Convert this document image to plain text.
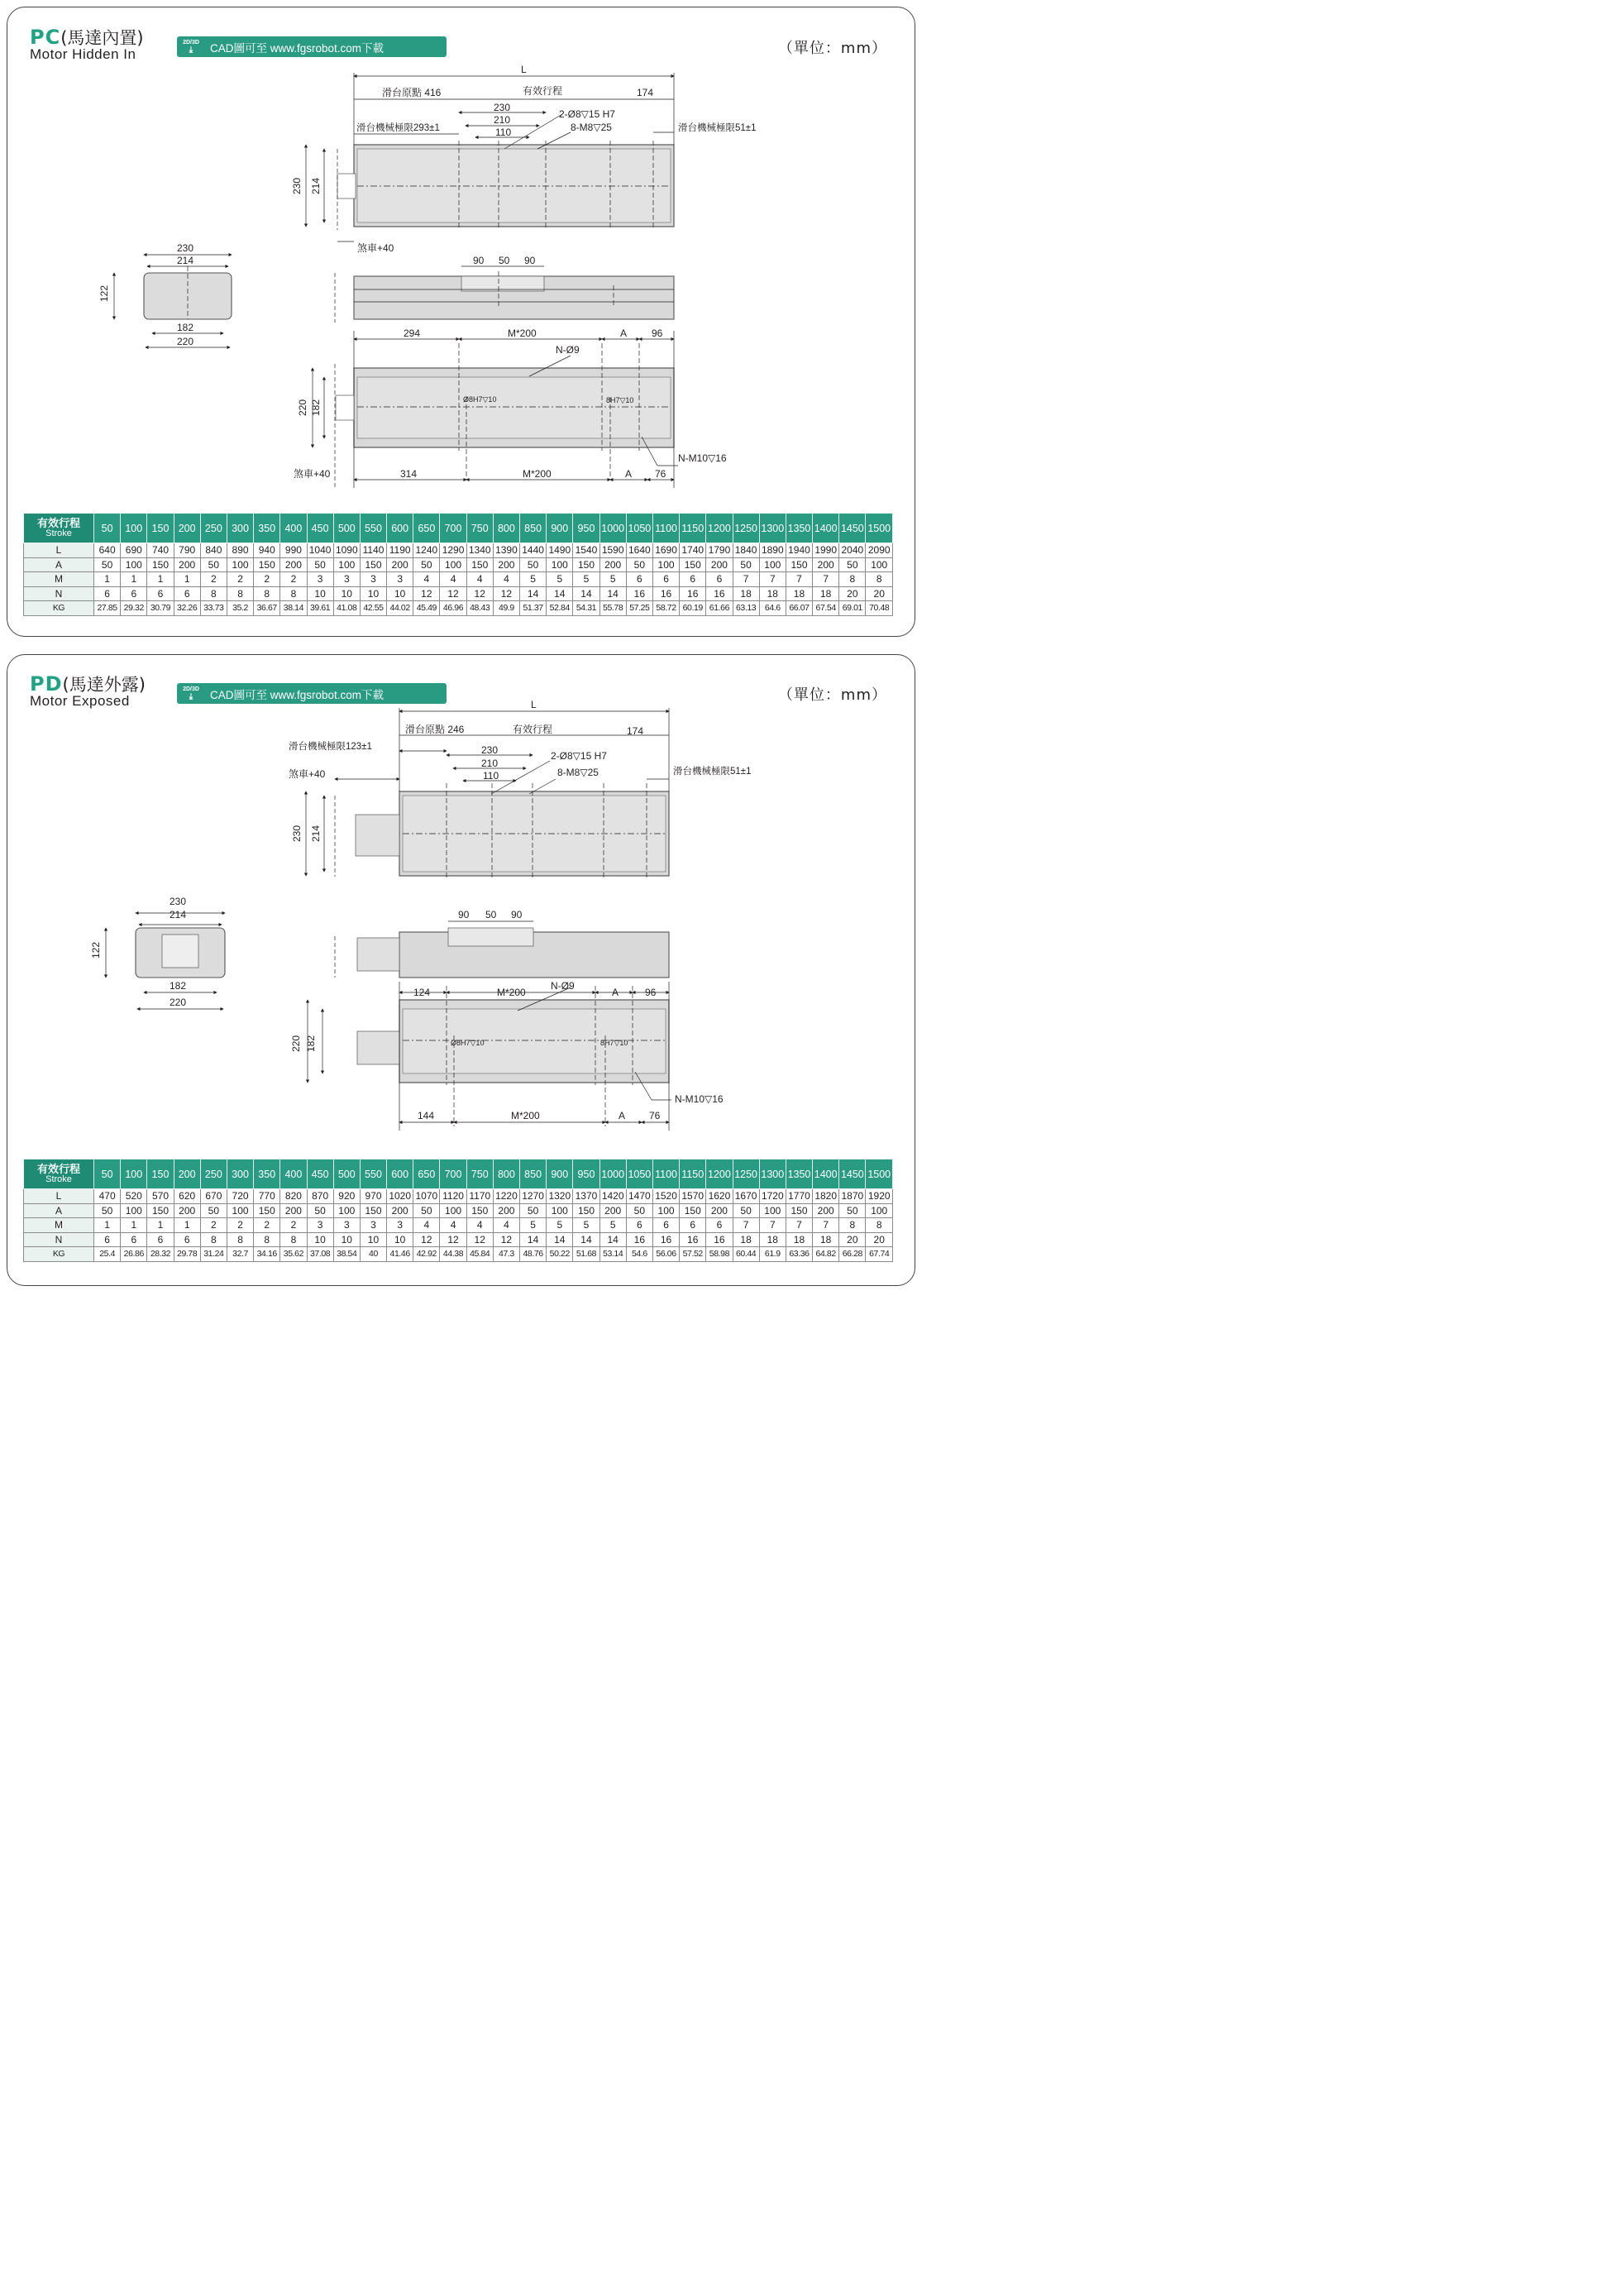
PC(馬達內置)
Motor Hidden In
2D/3D
⤓	CAD圖可至 www.fgsrobot.com下載	（單位：mm）
L
滑台原點 416	有效行程	174
230
210
110
2-Ø8▽15 H7
8-M8▽25
滑台機械極限293±1	滑台機械極限51±1
230 214
煞車+40
230
214
122
182
220
90 50 90
294	M*200	A 96
N-Ø9
Ø8H7▽10	8H7▽10
220 182
N-M10▽16
煞車+40	314	M*200	A 76
有效行程
Stroke	50	100	150	200	250	300	350	400	450	500	550	600	650	700	750	800	850	900	950	1000	1050	1100	1150	1200	1250	1300	1350	1400	1450	1500
L	640	690	740	790	840	890	940	990	1040	1090	1140	1190	1240	1290	1340	1390	1440	1490	1540	1590	1640	1690	1740	1790	1840	1890	1940	1990	2040	2090
A	50	100	150	200	50	100	150	200	50	100	150	200	50	100	150	200	50	100	150	200	50	100	150	200	50	100	150	200	50	100
M	1	1	1	1	2	2	2	2	3	3	3	3	4	4	4	4	5	5	5	5	6	6	6	6	7	7	7	7	8	8
N	6	6	6	6	8	8	8	8	10	10	10	10	12	12	12	12	14	14	14	14	16	16	16	16	18	18	18	18	20	20
KG	27.85	29.32	30.79	32.26	33.73	35.2	36.67	38.14	39.61	41.08	42.55	44.02	45.49	46.96	48.43	49.9	51.37	52.84	54.31	55.78	57.25	58.72	60.19	61.66	63.13	64.6	66.07	67.54	69.01	70.48
PD(馬達外露)
Motor Exposed
2D/3D
⤓	CAD圖可至 www.fgsrobot.com下載	（單位：mm）
L
滑台原點 246	有效行程	174
230
210
110
2-Ø8▽15 H7
8-M8▽25
滑台機械極限123±1
滑台機械極限51±1
煞車+40
230 214
230
214
122
182
220
90 50 90
124	M*200
N-Ø9
A	96
Ø8H7▽10	8H7▽10
220 182
N-M10▽16
144	M*200	A 76
有效行程
Stroke	50	100	150	200	250	300	350	400	450	500	550	600	650	700	750	800	850	900	950	1000	1050	1100	1150	1200	1250	1300	1350	1400	1450	1500
L	470	520	570	620	670	720	770	820	870	920	970	1020	1070	1120	1170	1220	1270	1320	1370	1420	1470	1520	1570	1620	1670	1720	1770	1820	1870	1920
A	50	100	150	200	50	100	150	200	50	100	150	200	50	100	150	200	50	100	150	200	50	100	150	200	50	100	150	200	50	100
M	1	1	1	1	2	2	2	2	3	3	3	3	4	4	4	4	5	5	5	5	6	6	6	6	7	7	7	7	8	8
N	6	6	6	6	8	8	8	8	10	10	10	10	12	12	12	12	14	14	14	14	16	16	16	16	18	18	18	18	20	20
KG	25.4	26.86	28.32	29.78	31.24	32.7	34.16	35.62	37.08	38.54	40	41.46	42.92	44.38	45.84	47.3	48.76	50.22	51.68	53.14	54.6	56.06	57.52	58.98	60.44	61.9	63.36	64.82	66.28	67.74
